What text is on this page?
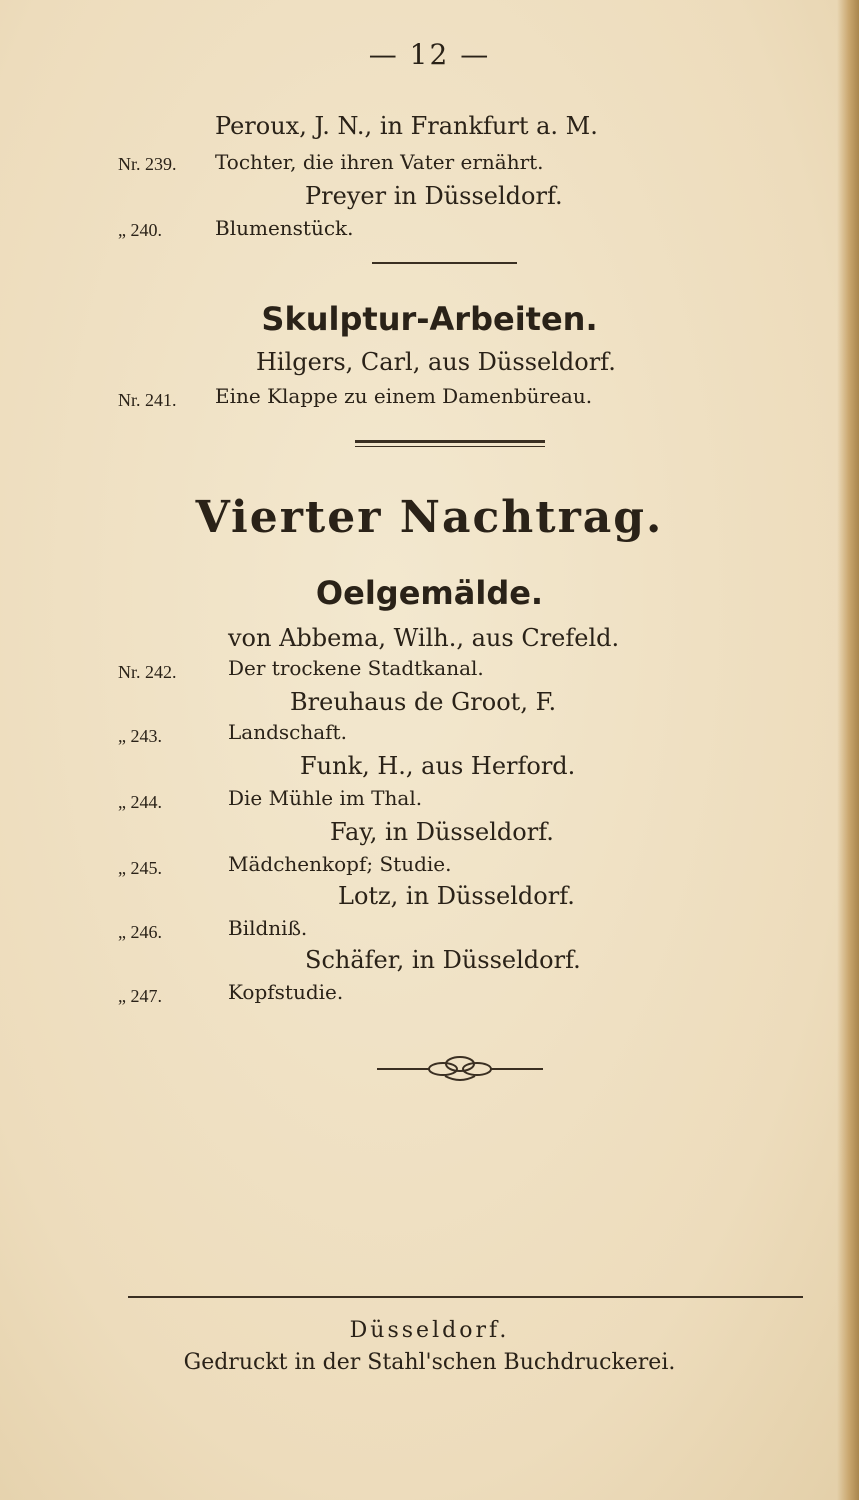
— 12 —
Peroux, J. N., in Frankfurt a. M.
Nr. 239. Tochter, die ihren Vater ernährt.
Preyer in Düsseldorf.
„ 240.	Blumenstück.
Skulptur-Arbeiten.
Hilgers, Carl, aus Düsseldorf.
Nr. 241. Eine Klappe zu einem Damenbüreau.
Vierter Nachtrag.
Oelgemälde.
von Abbema, Wilh., aus Crefeld.
Nr. 242.	Der trockene Stadtkanal.
Breuhaus de Groot, F.
„ 243.	Landschaft.
Funk, H., aus Herford.
„ 244.	Die Mühle im Thal.
Fay, in Düsseldorf.
„ 245.	Mädchenkopf; Studie.
Lotz, in Düsseldorf.
„ 246.	Bildniß.
Schäfer, in Düsseldorf.
„ 247.	Kopfstudie.
Düsseldorf.
Gedruckt in der Stahl'schen Buchdruckerei.
